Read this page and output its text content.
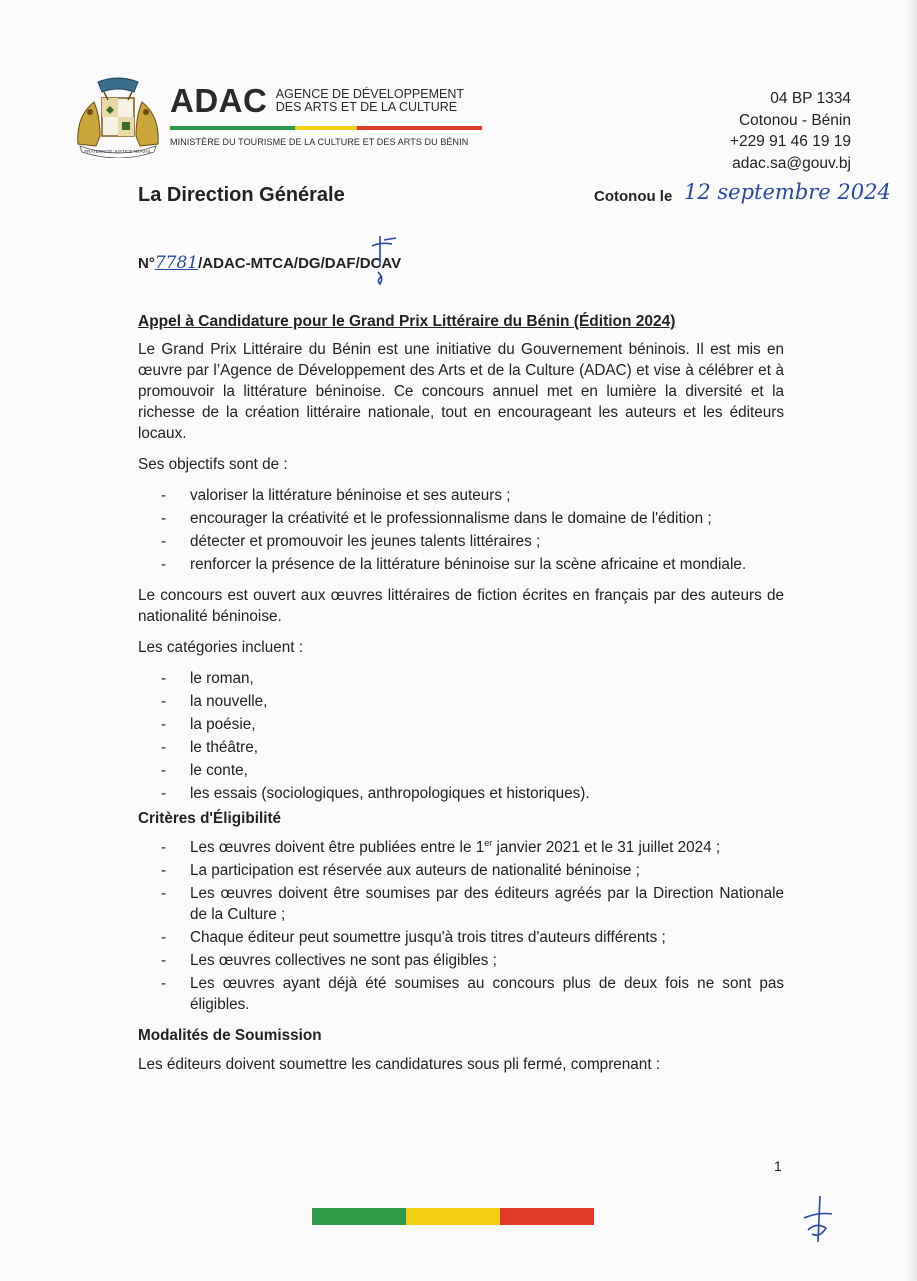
FRATERNITÉ JUSTICE TRAVAIL
ADAC AGENCE DE DÉVELOPPEMENT
DES ARTS ET DE LA CULTURE
MINISTÈRE DU TOURISME DE LA CULTURE ET DES ARTS DU BÉNIN
04 BP 1334
Cotonou - Bénin
+229 91 46 19 19
adac.sa@gouv.bj
La Direction Générale	Cotonou le 12 septembre 2024
N°7781/ADAC-MTCA/DG/DAF/DCAV
Appel à Candidature pour le Grand Prix Littéraire du Bénin (Édition 2024)

Le Grand Prix Littéraire du Bénin est une initiative du Gouvernement béninois. Il est mis en œuvre par l’Agence de Développement des Arts et de la Culture (ADAC) et vise à célébrer et à promouvoir la littérature béninoise. Ce concours annuel met en lumière la diversité et la richesse de la création littéraire nationale, tout en encourageant les auteurs et les éditeurs locaux.

Ses objectifs sont de :

- valoriser la littérature béninoise et ses auteurs ;
- encourager la créativité et le professionnalisme dans le domaine de l'édition ;
- détecter et promouvoir les jeunes talents littéraires ;
- renforcer la présence de la littérature béninoise sur la scène africaine et mondiale.

Le concours est ouvert aux œuvres littéraires de fiction écrites en français par des auteurs de nationalité béninoise.

Les catégories incluent :

- le roman,
- la nouvelle,
- la poésie,
- le théâtre,
- le conte,
- les essais (sociologiques, anthropologiques et historiques).
Critères d'Éligibilité
- Les œuvres doivent être publiées entre le 1er janvier 2021 et le 31 juillet 2024 ;
- La participation est réservée aux auteurs de nationalité béninoise ;
- Les œuvres doivent être soumises par des éditeurs agréés par la Direction Nationale de la Culture ;
- Chaque éditeur peut soumettre jusqu'à trois titres d'auteurs différents ;
- Les œuvres collectives ne sont pas éligibles ;
- Les œuvres ayant déjà été soumises au concours plus de deux fois ne sont pas éligibles.
Modalités de Soumission

Les éditeurs doivent soumettre les candidatures sous pli fermé, comprenant :

1
